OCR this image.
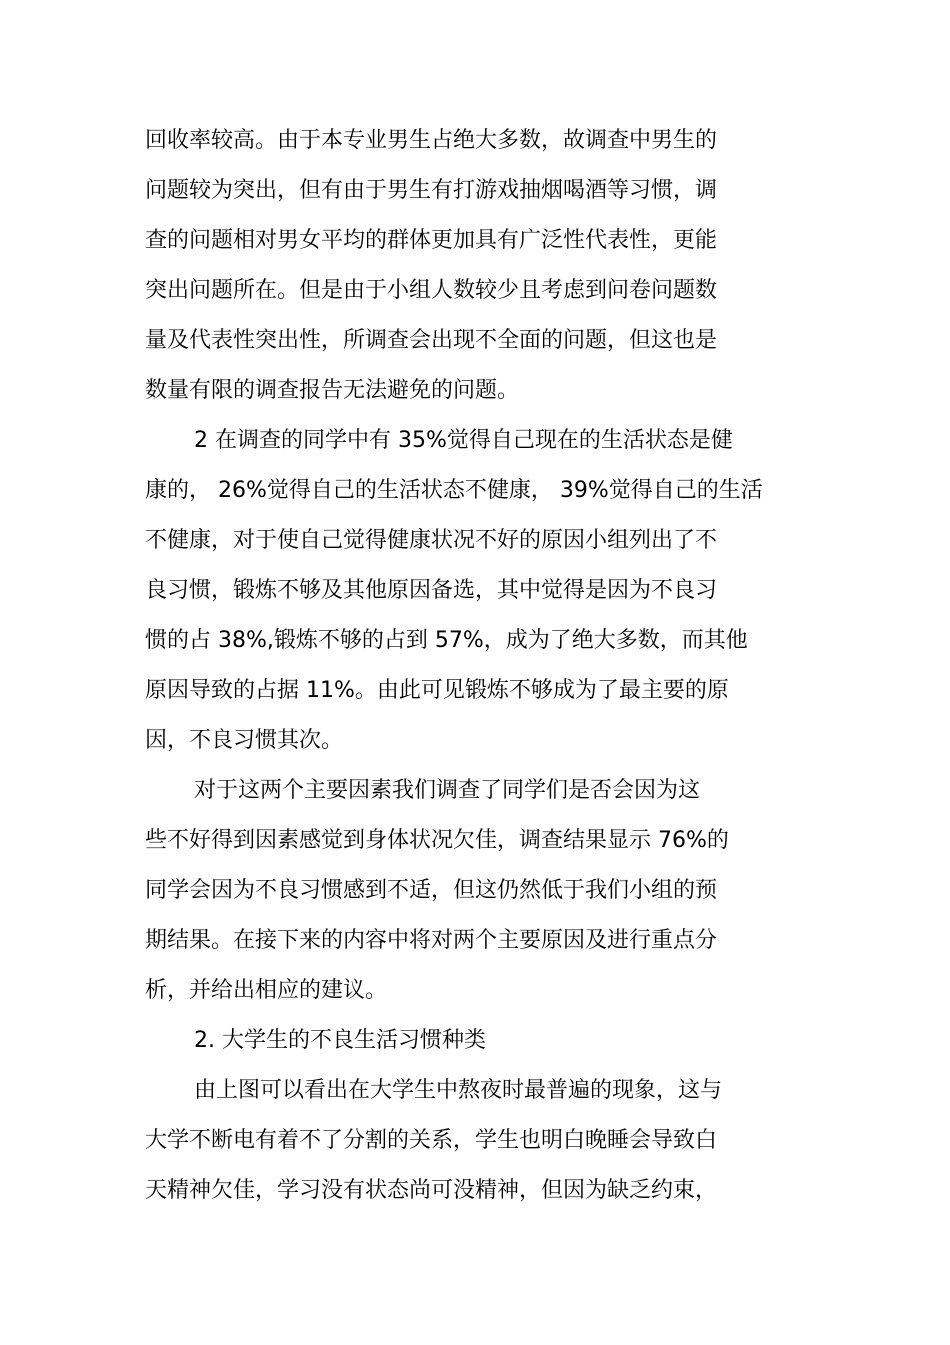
回收率较高。由于本专业男生占绝大多数，故调查中男生的

问题较为突出，但有由于男生有打游戏抽烟喝酒等习惯，调

查的问题相对男女平均的群体更加具有广泛性代表性，更能

突出问题所在。但是由于小组人数较少且考虑到问卷问题数

量及代表性突出性，所调查会出现不全面的问题，但这也是

数量有限的调查报告无法避免的问题。

2 在调查的同学中有 35%觉得自己现在的生活状态是健

康的， 26%觉得自己的生活状态不健康， 39%觉得自己的生活

不健康，对于使自己觉得健康状况不好的原因小组列出了不

良习惯，锻炼不够及其他原因备选，其中觉得是因为不良习

惯的占 38%,锻炼不够的占到 57%，成为了绝大多数，而其他

原因导致的占据 11%。由此可见锻炼不够成为了最主要的原

因，不良习惯其次。

对于这两个主要因素我们调查了同学们是否会因为这

些不好得到因素感觉到身体状况欠佳，调查结果显示 76%的

同学会因为不良习惯感到不适，但这仍然低于我们小组的预

期结果。在接下来的内容中将对两个主要原因及进行重点分

析，并给出相应的建议。

2. 大学生的不良生活习惯种类

由上图可以看出在大学生中熬夜时最普遍的现象，这与

大学不断电有着不了分割的关系，学生也明白晚睡会导致白

天精神欠佳，学习没有状态尚可没精神，但因为缺乏约束，
